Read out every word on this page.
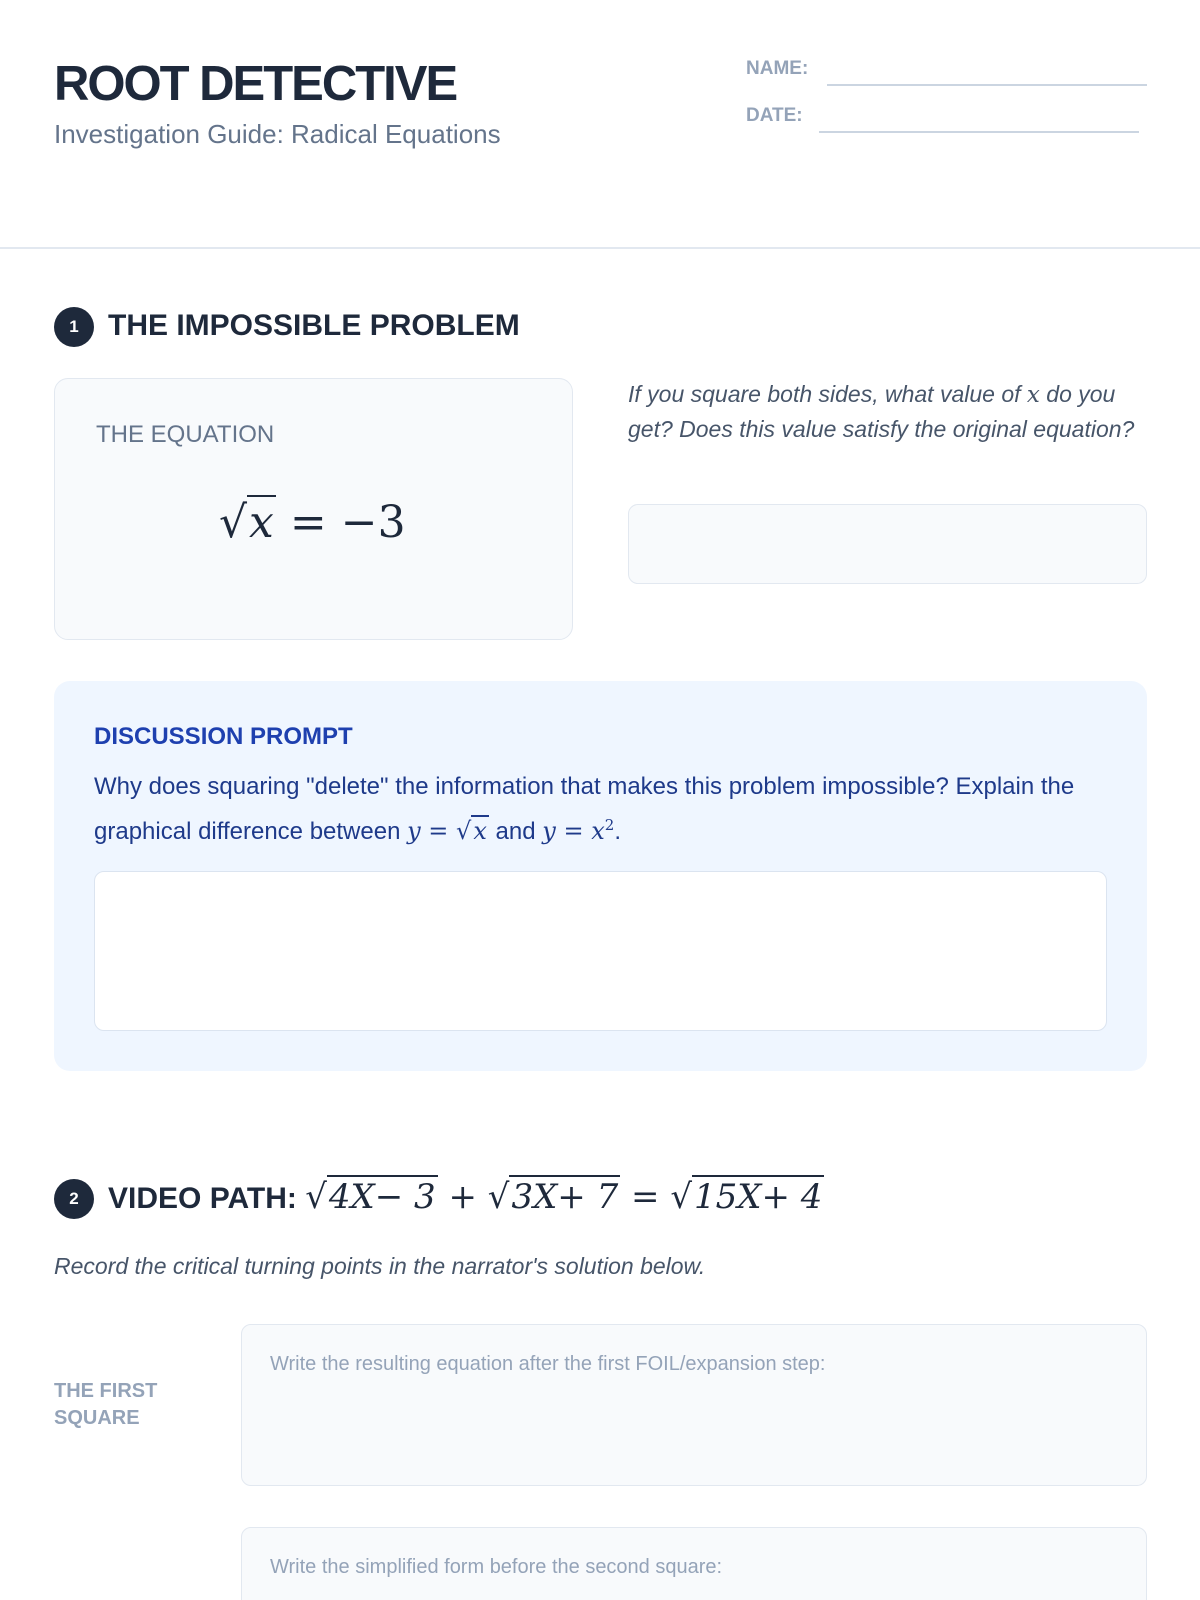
ROOT DETECTIVE
Investigation Guide: Radical Equations
NAME:
DATE:
1 THE IMPOSSIBLE PROBLEM
THE EQUATION
√x = −3
If you square both sides, what value of x do you get? Does this value satisfy the original equation?
DISCUSSION PROMPT
Why does squaring "delete" the information that makes this problem impossible? Explain the graphical difference between y = √x and $y = x^2$.
2 VIDEO PATH: √4X− 3 + √3X+ 7 = √15X+ 4
Record the critical turning points in the narrator's solution below.
THE FIRST SQUARE
Write the resulting equation after the first FOIL/expansion step:
Write the simplified form before the second square:
